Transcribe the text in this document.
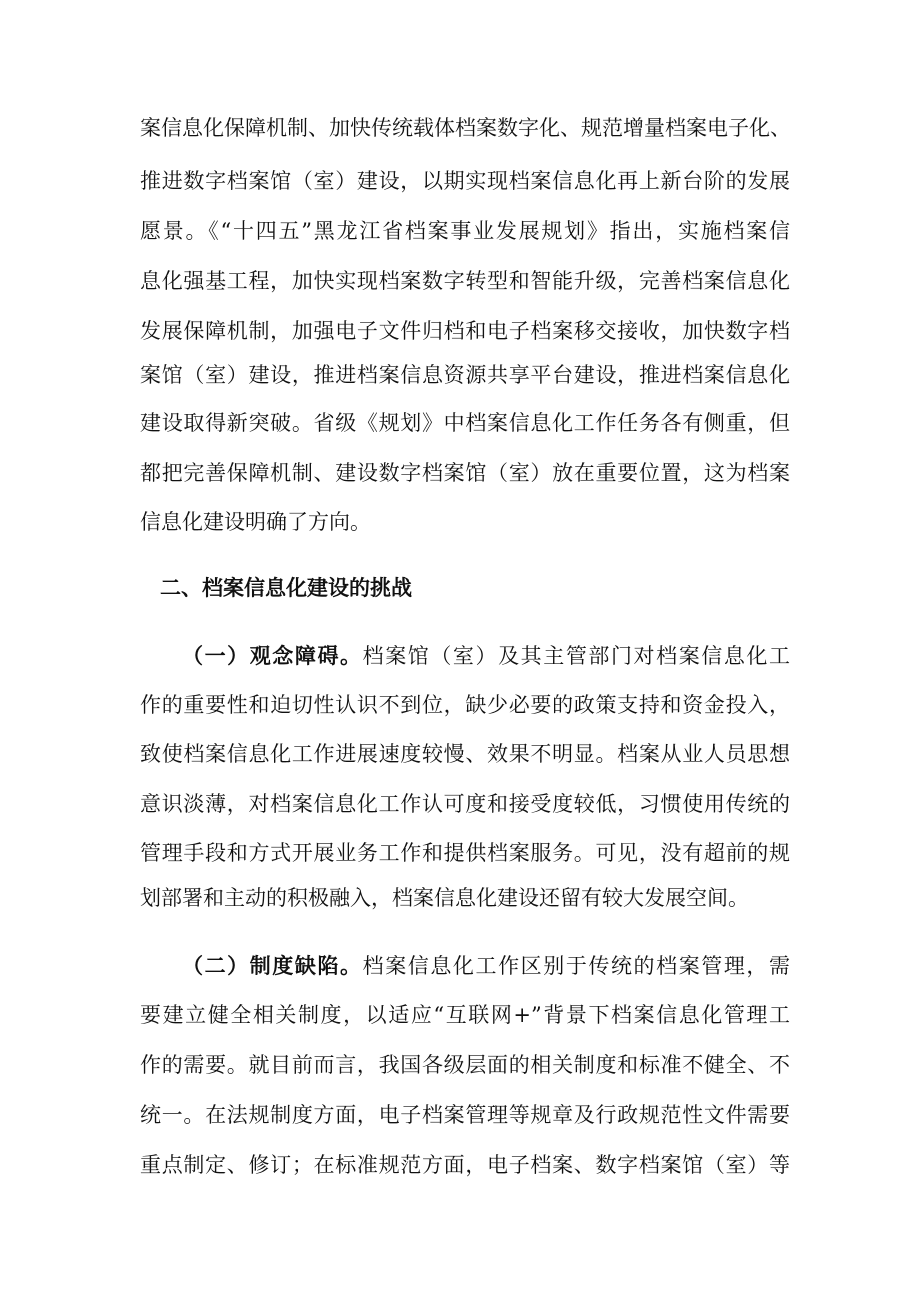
案信息化保障机制、加快传统载体档案数字化、规范增量档案电子化、

推进数字档案馆（室）建设，以期实现档案信息化再上新台阶的发展

愿景。《“十四五”黑龙江省档案事业发展规划》指出，实施档案信

息化强基工程，加快实现档案数字转型和智能升级，完善档案信息化

发展保障机制，加强电子文件归档和电子档案移交接收，加快数字档

案馆（室）建设，推进档案信息资源共享平台建设，推进档案信息化

建设取得新突破。省级《规划》中档案信息化工作任务各有侧重，但

都把完善保障机制、建设数字档案馆（室）放在重要位置，这为档案

信息化建设明确了方向。

二、档案信息化建设的挑战

（一）观念障碍。档案馆（室）及其主管部门对档案信息化工

作的重要性和迫切性认识不到位，缺少必要的政策支持和资金投入，

致使档案信息化工作进展速度较慢、效果不明显。档案从业人员思想

意识淡薄，对档案信息化工作认可度和接受度较低，习惯使用传统的

管理手段和方式开展业务工作和提供档案服务。可见，没有超前的规

划部署和主动的积极融入，档案信息化建设还留有较大发展空间。

（二）制度缺陷。档案信息化工作区别于传统的档案管理，需

要建立健全相关制度，以适应“互联网+”背景下档案信息化管理工

作的需要。就目前而言，我国各级层面的相关制度和标准不健全、不

统一。在法规制度方面，电子档案管理等规章及行政规范性文件需要

重点制定、修订；在标准规范方面，电子档案、数字档案馆（室）等
